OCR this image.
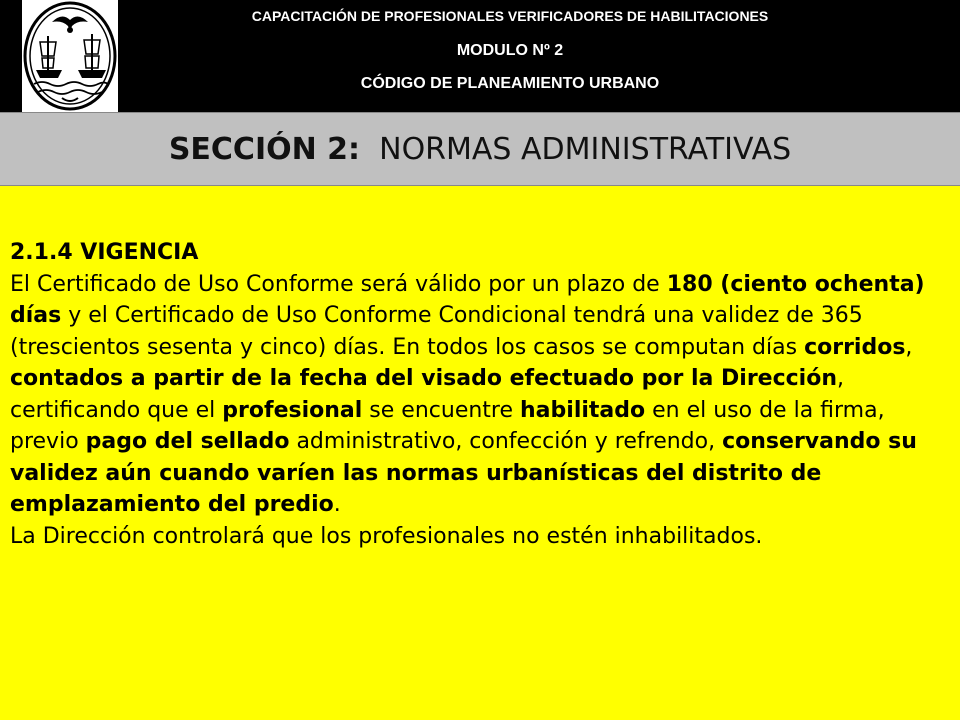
CAPACITACIÓN DE PROFESIONALES VERIFICADORES DE HABILITACIONES
MODULO Nº 2
CÓDIGO DE PLANEAMIENTO URBANO
SECCIÓN 2: NORMAS ADMINISTRATIVAS
2.1.4 VIGENCIA
El Certificado de Uso Conforme será válido por un plazo de 180 (ciento ochenta) días y el Certificado de Uso Conforme Condicional tendrá una validez de 365 (trescientos sesenta y cinco) días. En todos los casos se computan días corridos, contados a partir de la fecha del visado efectuado por la Dirección, certificando que el profesional se encuentre habilitado en el uso de la firma, previo pago del sellado administrativo, confección y refrendo, conservando su validez aún cuando varíen las normas urbanísticas del distrito de emplazamiento del predio.
La Dirección controlará que los profesionales no estén inhabilitados.
